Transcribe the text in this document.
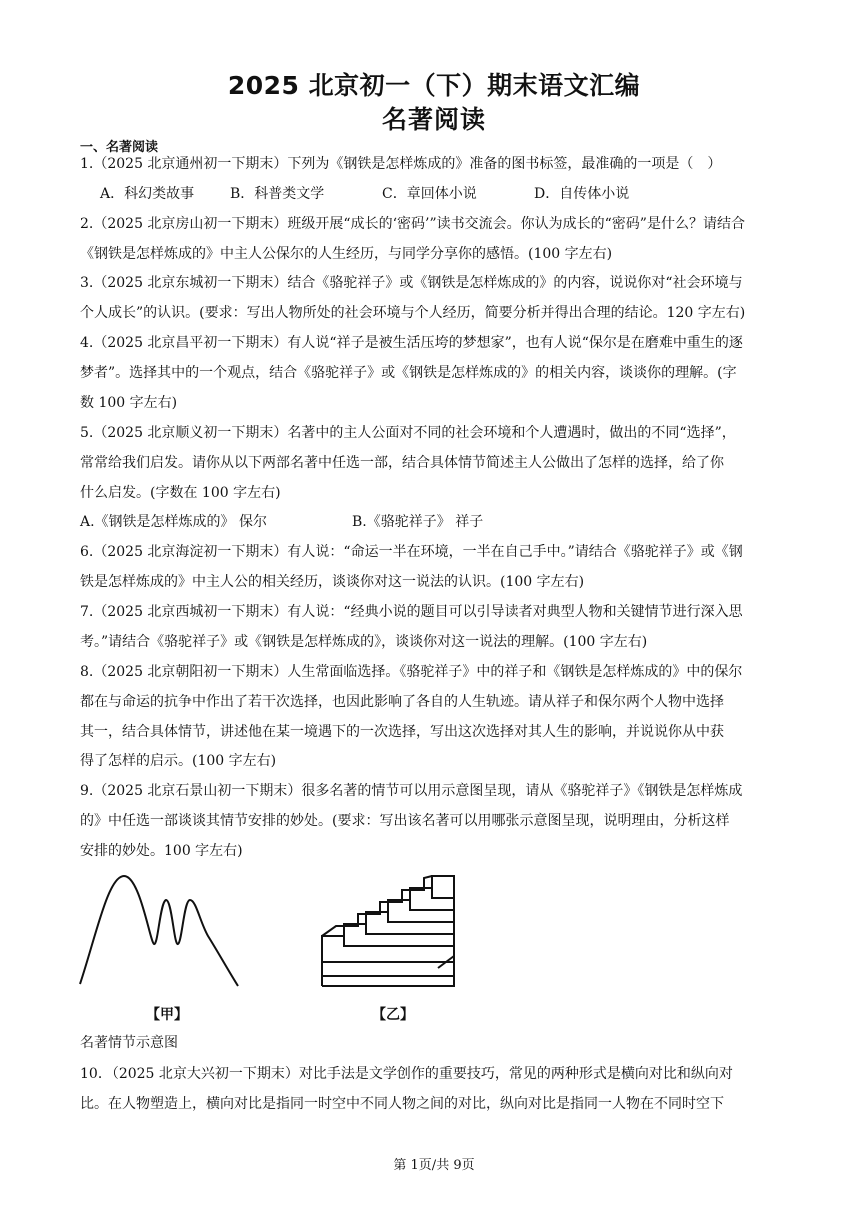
2025 北京初一（下）期末语文汇编
名著阅读
一、名著阅读
1.（2025 北京通州初一下期末）下列为《钢铁是怎样炼成的》准备的图书标签，最准确的一项是（　）
A．科幻类故事	B．科普类文学	C．章回体小说	D．自传体小说
2.（2025 北京房山初一下期末）班级开展“成长的‘密码’”读书交流会。你认为成长的“密码”是什么？请结合
《钢铁是怎样炼成的》中主人公保尔的人生经历，与同学分享你的感悟。(100 字左右)
3.（2025 北京东城初一下期末）结合《骆驼祥子》或《钢铁是怎样炼成的》的内容，说说你对“社会环境与
个人成长”的认识。(要求：写出人物所处的社会环境与个人经历，简要分析并得出合理的结论。120 字左右)
4.（2025 北京昌平初一下期末）有人说“祥子是被生活压垮的梦想家”，也有人说“保尔是在磨难中重生的逐
梦者”。选择其中的一个观点，结合《骆驼祥子》或《钢铁是怎样炼成的》的相关内容，谈谈你的理解。(字
数 100 字左右)
5.（2025 北京顺义初一下期末）名著中的主人公面对不同的社会环境和个人遭遇时，做出的不同“选择”，
常常给我们启发。请你从以下两部名著中任选一部，结合具体情节简述主人公做出了怎样的选择，给了你
什么启发。(字数在 100 字左右)
A.《钢铁是怎样炼成的》 保尔	B.《骆驼祥子》 祥子
6.（2025 北京海淀初一下期末）有人说：“命运一半在环境，一半在自己手中。”请结合《骆驼祥子》或《钢
铁是怎样炼成的》中主人公的相关经历，谈谈你对这一说法的认识。(100 字左右)
7.（2025 北京西城初一下期末）有人说：“经典小说的题目可以引导读者对典型人物和关键情节进行深入思
考。”请结合《骆驼祥子》或《钢铁是怎样炼成的》，谈谈你对这一说法的理解。(100 字左右)
8.（2025 北京朝阳初一下期末）人生常面临选择。《骆驼祥子》中的祥子和《钢铁是怎样炼成的》中的保尔
都在与命运的抗争中作出了若干次选择，也因此影响了各自的人生轨迹。请从祥子和保尔两个人物中选择
其一，结合具体情节，讲述他在某一境遇下的一次选择，写出这次选择对其人生的影响，并说说你从中获
得了怎样的启示。(100 字左右)
9.（2025 北京石景山初一下期末）很多名著的情节可以用示意图呈现，请从《骆驼祥子》《钢铁是怎样炼成
的》中任选一部谈谈其情节安排的妙处。(要求：写出该名著可以用哪张示意图呈现，说明理由，分析这样
安排的妙处。100 字左右)
【甲】	【乙】
名著情节示意图
10．（2025 北京大兴初一下期末）对比手法是文学创作的重要技巧，常见的两种形式是横向对比和纵向对
比。在人物塑造上，横向对比是指同一时空中不同人物之间的对比，纵向对比是指同一人物在不同时空下
第 1页/共 9页
